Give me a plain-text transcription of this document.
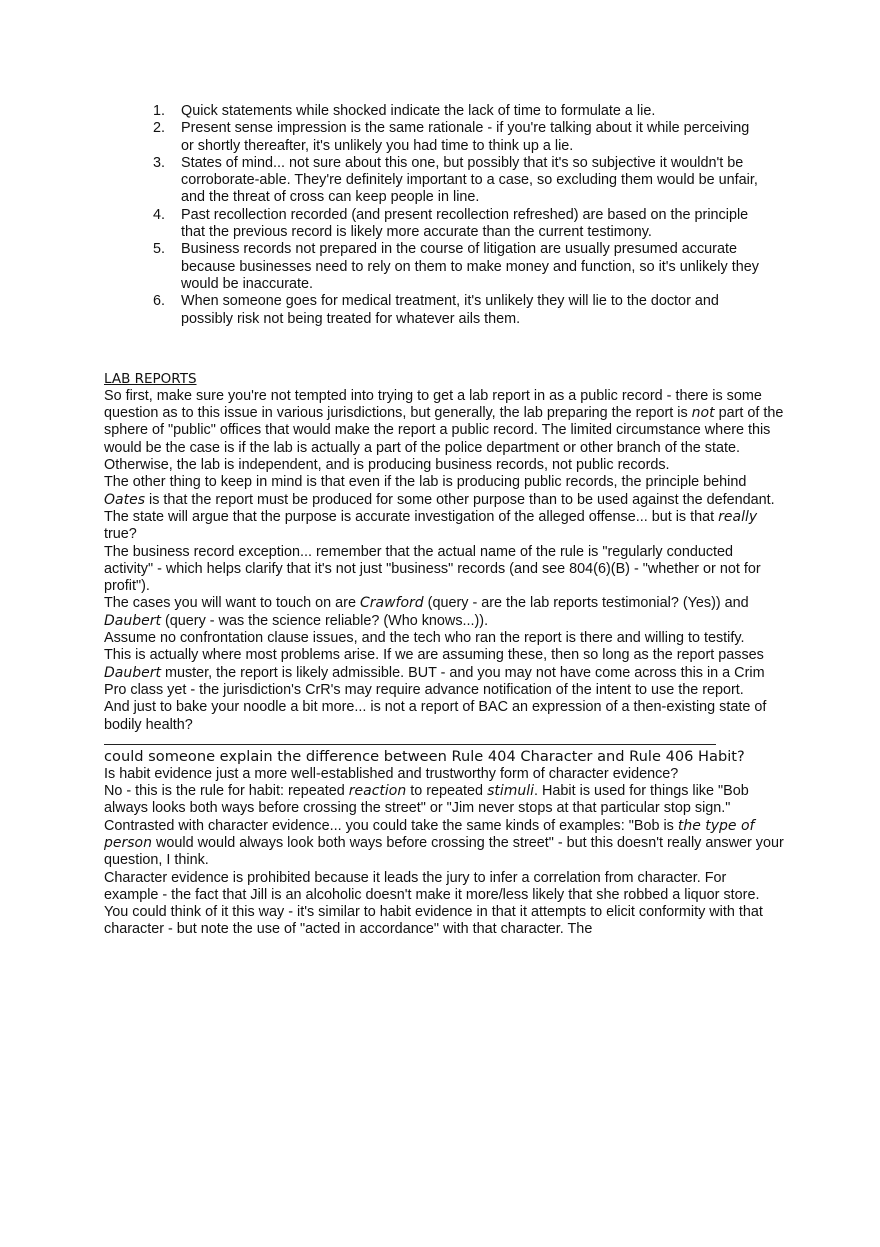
1. Quick statements while shocked indicate the lack of time to formulate a lie.
2. Present sense impression is the same rationale - if you're talking about it while perceiving or shortly thereafter, it's unlikely you had time to think up a lie.
3. States of mind... not sure about this one, but possibly that it's so subjective it wouldn't be corroborate-able. They're definitely important to a case, so excluding them would be unfair, and the threat of cross can keep people in line.
4. Past recollection recorded (and present recollection refreshed) are based on the principle that the previous record is likely more accurate than the current testimony.
5. Business records not prepared in the course of litigation are usually presumed accurate because businesses need to rely on them to make money and function, so it's unlikely they would be inaccurate.
6. When someone goes for medical treatment, it's unlikely they will lie to the doctor and possibly risk not being treated for whatever ails them.

LAB REPORTS

So first, make sure you're not tempted into trying to get a lab report in as a public record - there is some question as to this issue in various jurisdictions, but generally, the lab preparing the report is not part of the sphere of "public" offices that would make the report a public record. The limited circumstance where this would be the case is if the lab is actually a part of the police department or other branch of the state. Otherwise, the lab is independent, and is producing business records, not public records.

The other thing to keep in mind is that even if the lab is producing public records, the principle behind Oates is that the report must be produced for some other purpose than to be used against the defendant. The state will argue that the purpose is accurate investigation of the alleged offense... but is that really true?

The business record exception... remember that the actual name of the rule is "regularly conducted activity" - which helps clarify that it's not just "business" records (and see 804(6)(B) - "whether or not for profit").

The cases you will want to touch on are Crawford (query - are the lab reports testimonial? (Yes)) and Daubert (query - was the science reliable? (Who knows...)).

Assume no confrontation clause issues, and the tech who ran the report is there and willing to testify.

This is actually where most problems arise. If we are assuming these, then so long as the report passes Daubert muster, the report is likely admissible. BUT - and you may not have come across this in a Crim Pro class yet - the jurisdiction's CrR's may require advance notification of the intent to use the report.

And just to bake your noodle a bit more... is not a report of BAC an expression of a then-existing state of bodily health?

could someone explain the difference between Rule 404 Character and Rule 406 Habit?

Is habit evidence just a more well-established and trustworthy form of character evidence?

No - this is the rule for habit: repeated reaction to repeated stimuli. Habit is used for things like "Bob always looks both ways before crossing the street" or "Jim never stops at that particular stop sign."

Contrasted with character evidence... you could take the same kinds of examples: "Bob is the type of person would would always look both ways before crossing the street" - but this doesn't really answer your question, I think.

Character evidence is prohibited because it leads the jury to infer a correlation from character. For example - the fact that Jill is an alcoholic doesn't make it more/less likely that she robbed a liquor store. You could think of it this way - it's similar to habit evidence in that it attempts to elicit conformity with that character - but note the use of "acted in accordance" with that character. The
